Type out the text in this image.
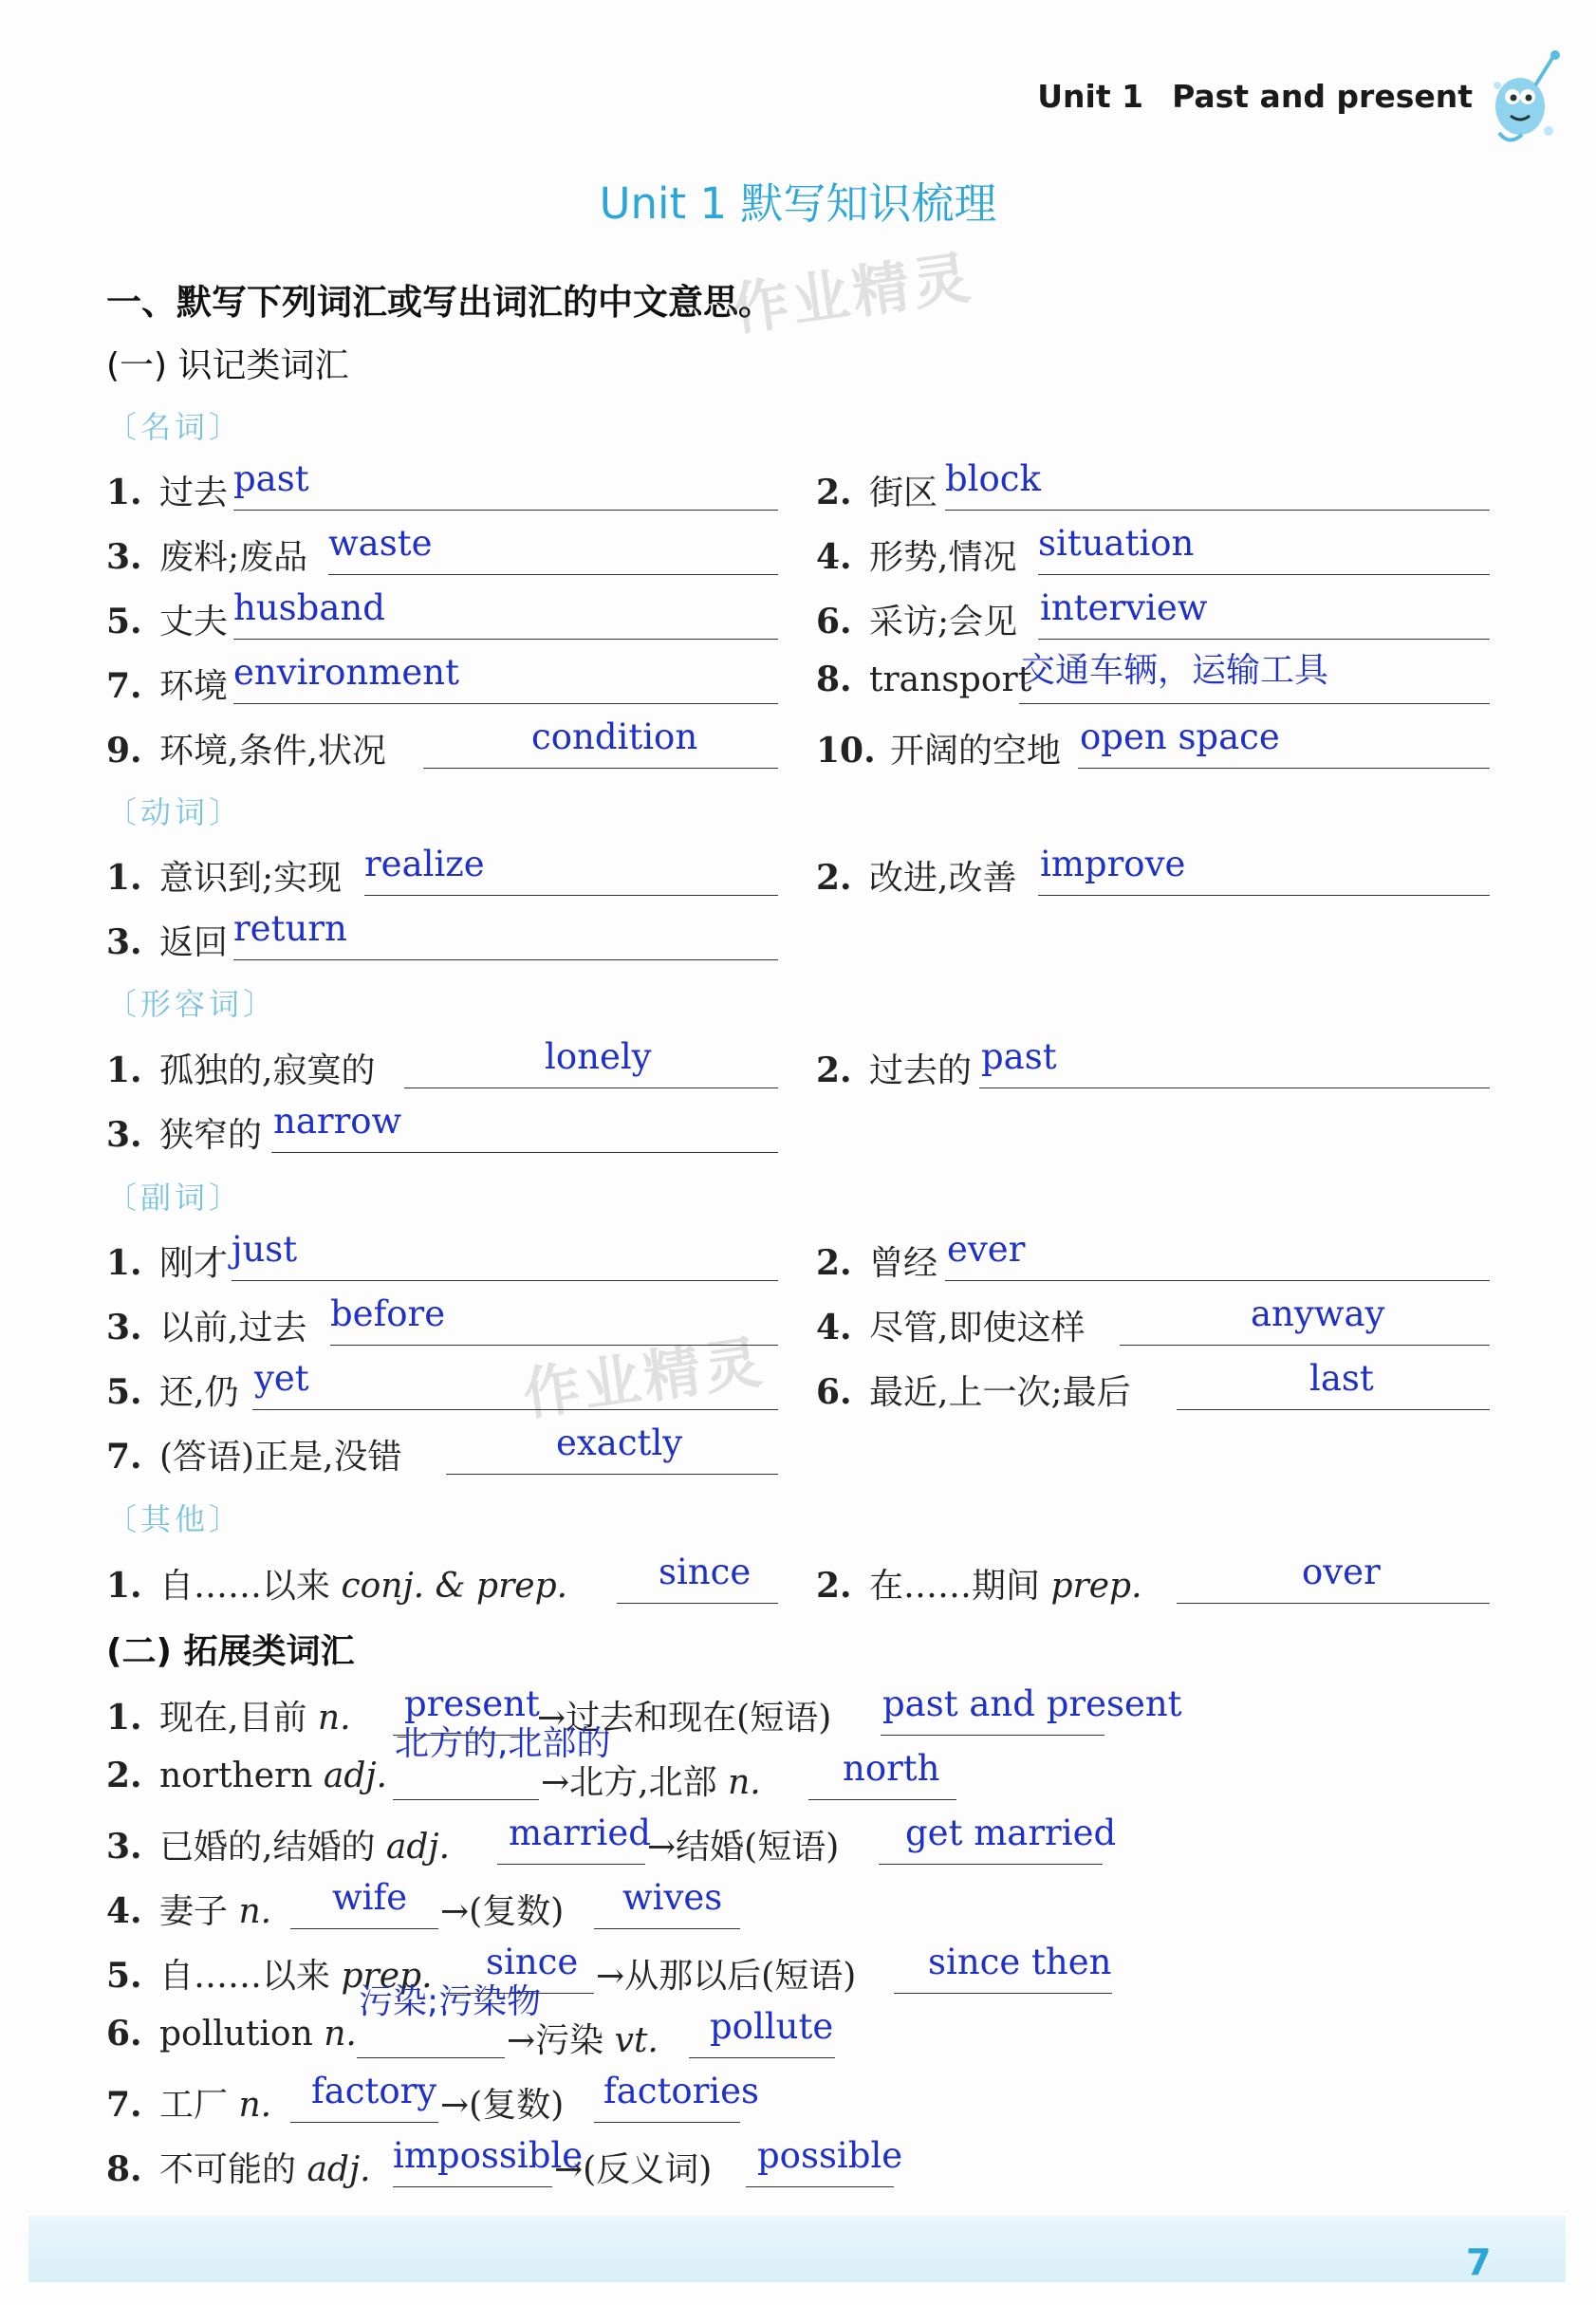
Unit 1 Past and present
Unit 1 默写知识梳理
一、默写下列词汇或写出词汇的中文意思。
作业精灵
作业精灵
(一) 识记类词汇
〔名词〕
1. 过去 past	2. 街区 block
3. 废料;废品 waste	4. 形势,情况 situation
5. 丈夫 husband	6. 采访;会见 interview
7. 环境 environment	8. transport
交通车辆，运输工具
9. 环境,条件,状况	condition	10. 开阔的空地 open space
〔动词〕
1. 意识到;实现 realize	2. 改进,改善 improve
3. 返回 return
〔形容词〕
1. 孤独的,寂寞的	lonely	2. 过去的 past
3. 狭窄的 narrow
〔副词〕
1. 刚才 just	2. 曾经 ever
3. 以前,过去 before	4. 尽管,即使这样	anyway
5. 还,仍 yet	6. 最近,上一次;最后	last
7. (答语)正是,没错	exactly
〔其他〕
1. 自……以来 conj. & prep.	since 2. 在……期间 prep.	over
(二) 拓展类词汇
1. 现在,目前 n. present
→过去和现在(短语) past and present
2. northern adj.
北方的,北部的
→北方,北部 n. north
3. 已婚的,结婚的 adj. married
→结婚(短语) get married
4. 妻子 n. wife →(复数) wives
5. 自……以来 prep. since →从那以后(短语) since then
6. pollution n.
污染;污染物
→污染 vt. pollute
7. 工厂 n. factory →(复数) factories
8. 不可能的 adj. impossible
→(反义词) possible
7
